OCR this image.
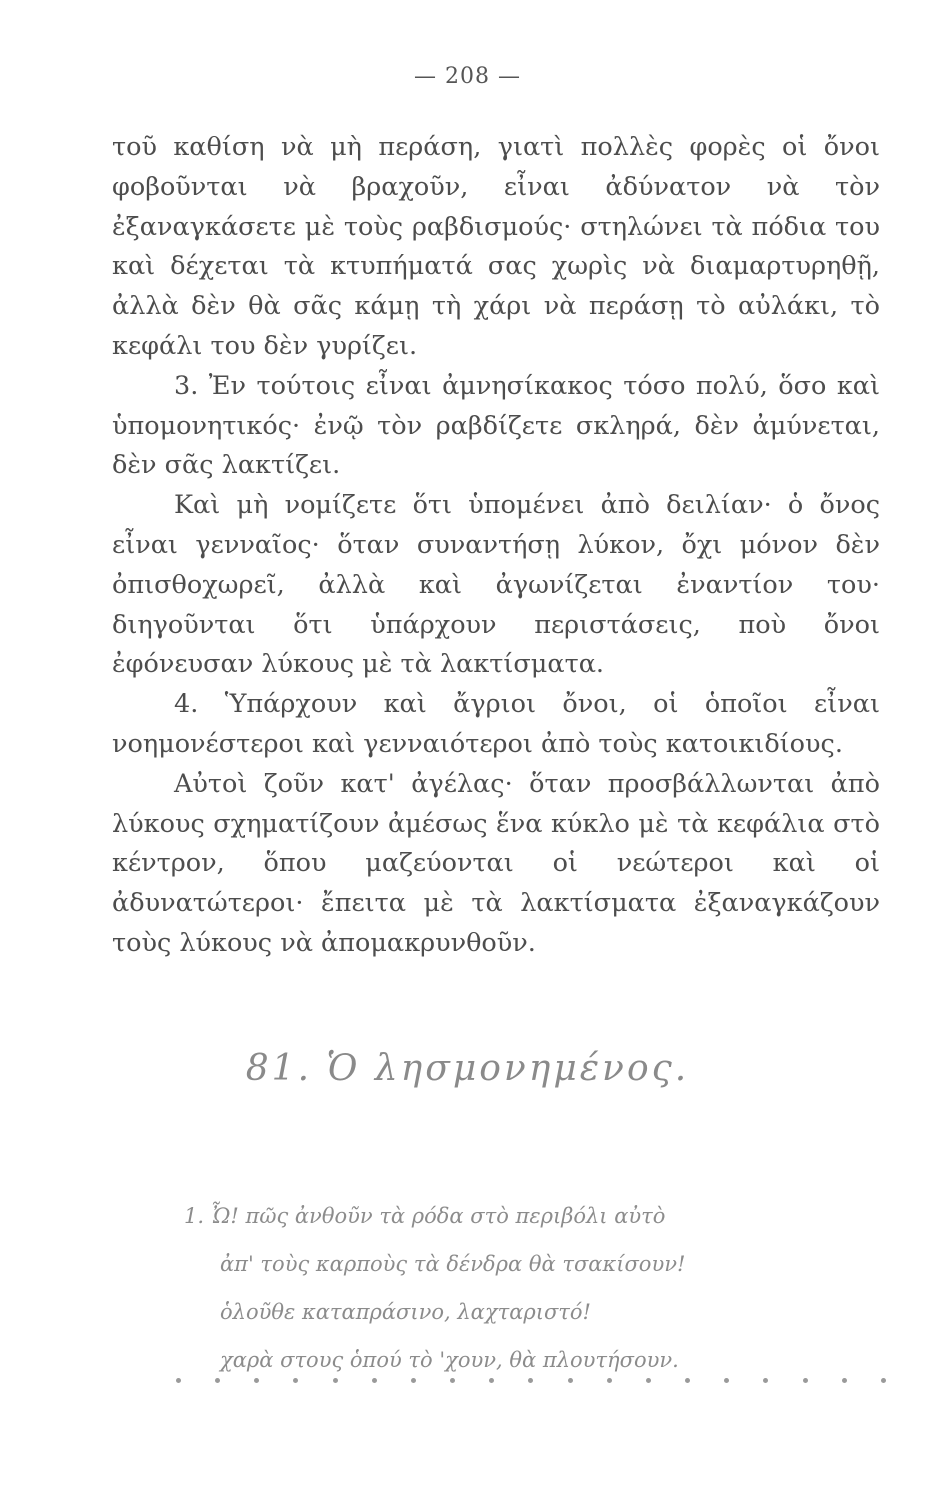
— 208 —

τοῦ καθίση νὰ μὴ περάση, γιατὶ πολλὲς φορὲς οἱ ὄνοι φοβοῦνται νὰ βραχοῦν, εἶναι ἀδύνατον νὰ τὸν ἐξαναγκάσετε μὲ τοὺς ραβδισμούς· στηλώνει τὰ πόδια του καὶ δέχεται τὰ κτυπήματά σας χωρὶς νὰ διαμαρτυρηθῇ, ἀλλὰ δὲν θὰ σᾶς κάμῃ τὴ χάρι νὰ περάσῃ τὸ αὐλάκι, τὸ κεφάλι του δὲν γυρίζει.

3. Ἐν τούτοις εἶναι ἀμνησίκακος τόσο πολύ, ὅσο καὶ ὑπομονητικός· ἐνῷ τὸν ραβδίζετε σκληρά, δὲν ἀμύνεται, δὲν σᾶς λακτίζει.

Καὶ μὴ νομίζετε ὅτι ὑπομένει ἀπὸ δειλίαν· ὁ ὄνος εἶναι γενναῖος· ὅταν συναντήσῃ λύκον, ὄχι μόνον δὲν ὀπισθοχωρεῖ, ἀλλὰ καὶ ἀγωνίζεται ἐναντίον του· διηγοῦνται ὅτι ὑπάρχουν περιστάσεις, ποὺ ὄνοι ἐφόνευσαν λύκους μὲ τὰ λακτίσματα.

4. Ὑπάρχουν καὶ ἄγριοι ὄνοι, οἱ ὁποῖοι εἶναι νοημονέστεροι καὶ γενναιότεροι ἀπὸ τοὺς κατοικιδίους.

Αὐτοὶ ζοῦν κατ' ἀγέλας· ὅταν προσβάλλωνται ἀπὸ λύκους σχηματίζουν ἀμέσως ἕνα κύκλο μὲ τὰ κεφάλια στὸ κέντρον, ὅπου μαζεύονται οἱ νεώτεροι καὶ οἱ ἀδυνατώτεροι· ἔπειτα μὲ τὰ λακτίσματα ἐξαναγκάζουν τοὺς λύκους νὰ ἀπομακρυνθοῦν.

81. Ὁ λησμονημένος.
1. Ὦ! πῶς ἀνθοῦν τὰ ρόδα στὸ περιβόλι αὐτὸ
ἀπ' τοὺς καρποὺς τὰ δένδρα θὰ τσακίσουν!
ὁλοῦθε καταπράσινο, λαχταριστό!
χαρὰ στους ὁπού τὸ 'χουν, θὰ πλουτήσουν.
